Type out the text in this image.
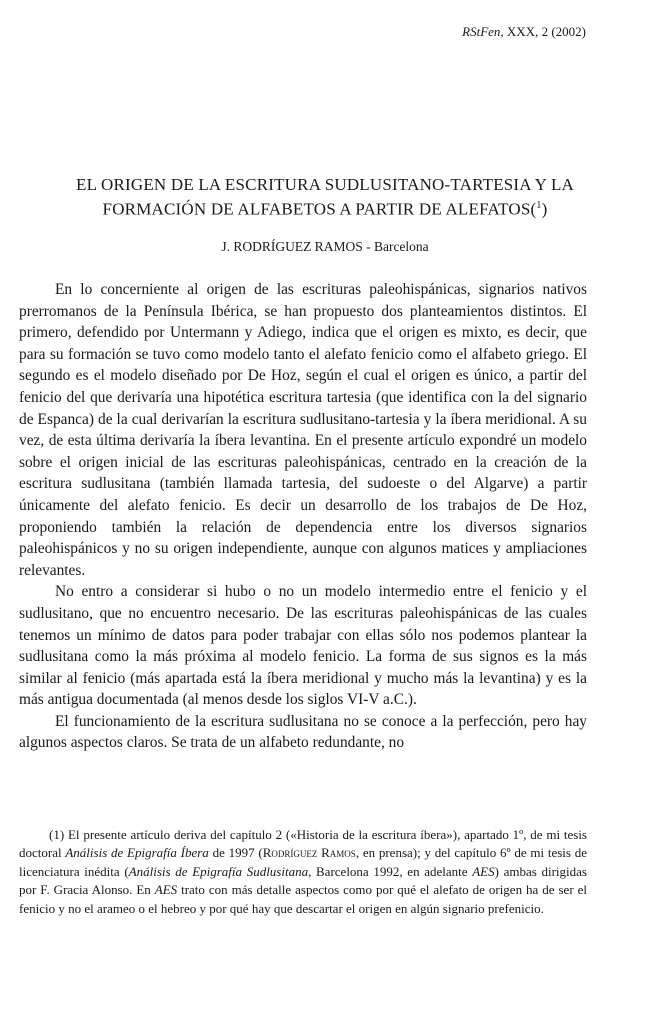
RStFen, XXX, 2 (2002)
EL ORIGEN DE LA ESCRITURA SUDLUSITANO-TARTESIA Y LA
FORMACIÓN DE ALFABETOS A PARTIR DE ALEFATOS($^1$)
J. RODRÍGUEZ RAMOS - Barcelona

En lo concerniente al origen de las escrituras paleohispánicas, signarios nativos prerromanos de la Península Ibérica, se han propuesto dos planteamientos distintos. El primero, defendido por Untermann y Adiego, indica que el origen es mixto, es decir, que para su formación se tuvo como modelo tanto el alefato fenicio como el alfabeto griego. El segundo es el modelo diseñado por De Hoz, según el cual el origen es único, a partir del fenicio del que derivaría una hipotética escritura tartesia (que identifica con la del signario de Espanca) de la cual derivarían la escritura sudlusitano-tartesia y la íbera meridional. A su vez, de esta última derivaría la íbera levantina. En el presente artículo expondré un modelo sobre el origen inicial de las escrituras paleohispánicas, centrado en la creación de la escritura sudlusitana (también llamada tartesia, del sudoeste o del Algarve) a partir únicamente del alefato fenicio. Es decir un desarrollo de los trabajos de De Hoz, proponiendo también la relación de dependencia entre los diversos signarios paleohispánicos y no su origen independiente, aunque con algunos matices y ampliaciones relevantes.

No entro a considerar si hubo o no un modelo intermedio entre el fenicio y el sudlusitano, que no encuentro necesario. De las escrituras paleohispánicas de las cuales tenemos un mínimo de datos para poder trabajar con ellas sólo nos podemos plantear la sudlusitana como la más próxima al modelo fenicio. La forma de sus signos es la más similar al fenicio (más apartada está la íbera meridional y mucho más la levantina) y es la más antigua documentada (al menos desde los siglos VI-V a.C.).

El funcionamiento de la escritura sudlusitana no se conoce a la perfección, pero hay algunos aspectos claros. Se trata de un alfabeto redundante, no

(1) El presente artículo deriva del capítulo 2 («Historia de la escritura íbera»), apartado 1º, de mi tesis doctoral Análisis de Epigrafía Íbera de 1997 (Rodríguez Ramos, en prensa); y del capítulo 6º de mi tesis de licenciatura inédita (Análisis de Epigrafía Sudlusitana, Barcelona 1992, en adelante AES) ambas dirigidas por F. Gracia Alonso. En AES trato con más detalle aspectos como por qué el alefato de origen ha de ser el fenicio y no el arameo o el hebreo y por qué hay que descartar el origen en algún signario prefenicio.
